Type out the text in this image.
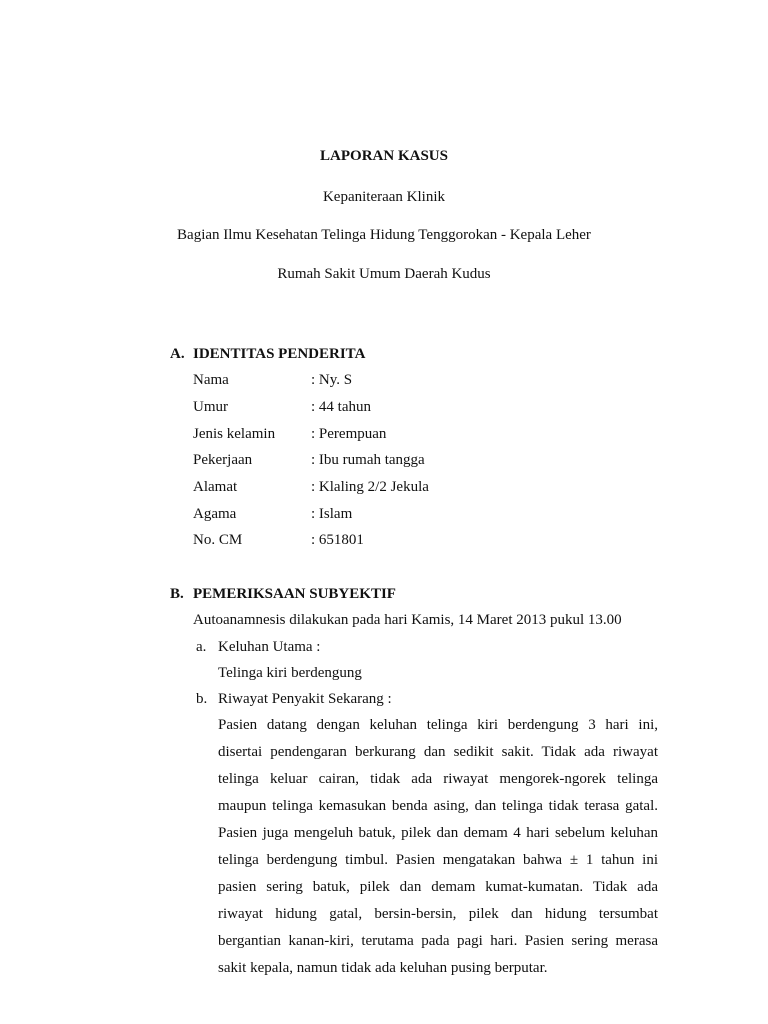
LAPORAN KASUS
Kepaniteraan Klinik
Bagian Ilmu Kesehatan Telinga Hidung Tenggorokan - Kepala Leher
Rumah Sakit Umum Daerah Kudus
A. IDENTITAS PENDERITA
Nama	: Ny. S
Umur	: 44 tahun
Jenis kelamin : Perempuan
Pekerjaan	: Ibu rumah tangga
Alamat	: Klaling 2/2 Jekula
Agama	: Islam
No. CM	: 651801
B. PEMERIKSAAN SUBYEKTIF
Autoanamnesis dilakukan pada hari Kamis, 14 Maret 2013 pukul 13.00
a. Keluhan Utama :
Telinga kiri berdengung
b. Riwayat Penyakit Sekarang :
Pasien datang dengan keluhan telinga kiri berdengung 3 hari ini,
disertai pendengaran berkurang dan sedikit sakit. Tidak ada riwayat
telinga keluar cairan, tidak ada riwayat mengorek-ngorek telinga
maupun telinga kemasukan benda asing, dan telinga tidak terasa gatal.
Pasien juga mengeluh batuk, pilek dan demam 4 hari sebelum keluhan
telinga berdengung timbul. Pasien mengatakan bahwa ± 1 tahun ini
pasien sering batuk, pilek dan demam kumat-kumatan. Tidak ada
riwayat hidung gatal, bersin-bersin, pilek dan hidung tersumbat
bergantian kanan-kiri, terutama pada pagi hari. Pasien sering merasa
sakit kepala, namun tidak ada keluhan pusing berputar.
